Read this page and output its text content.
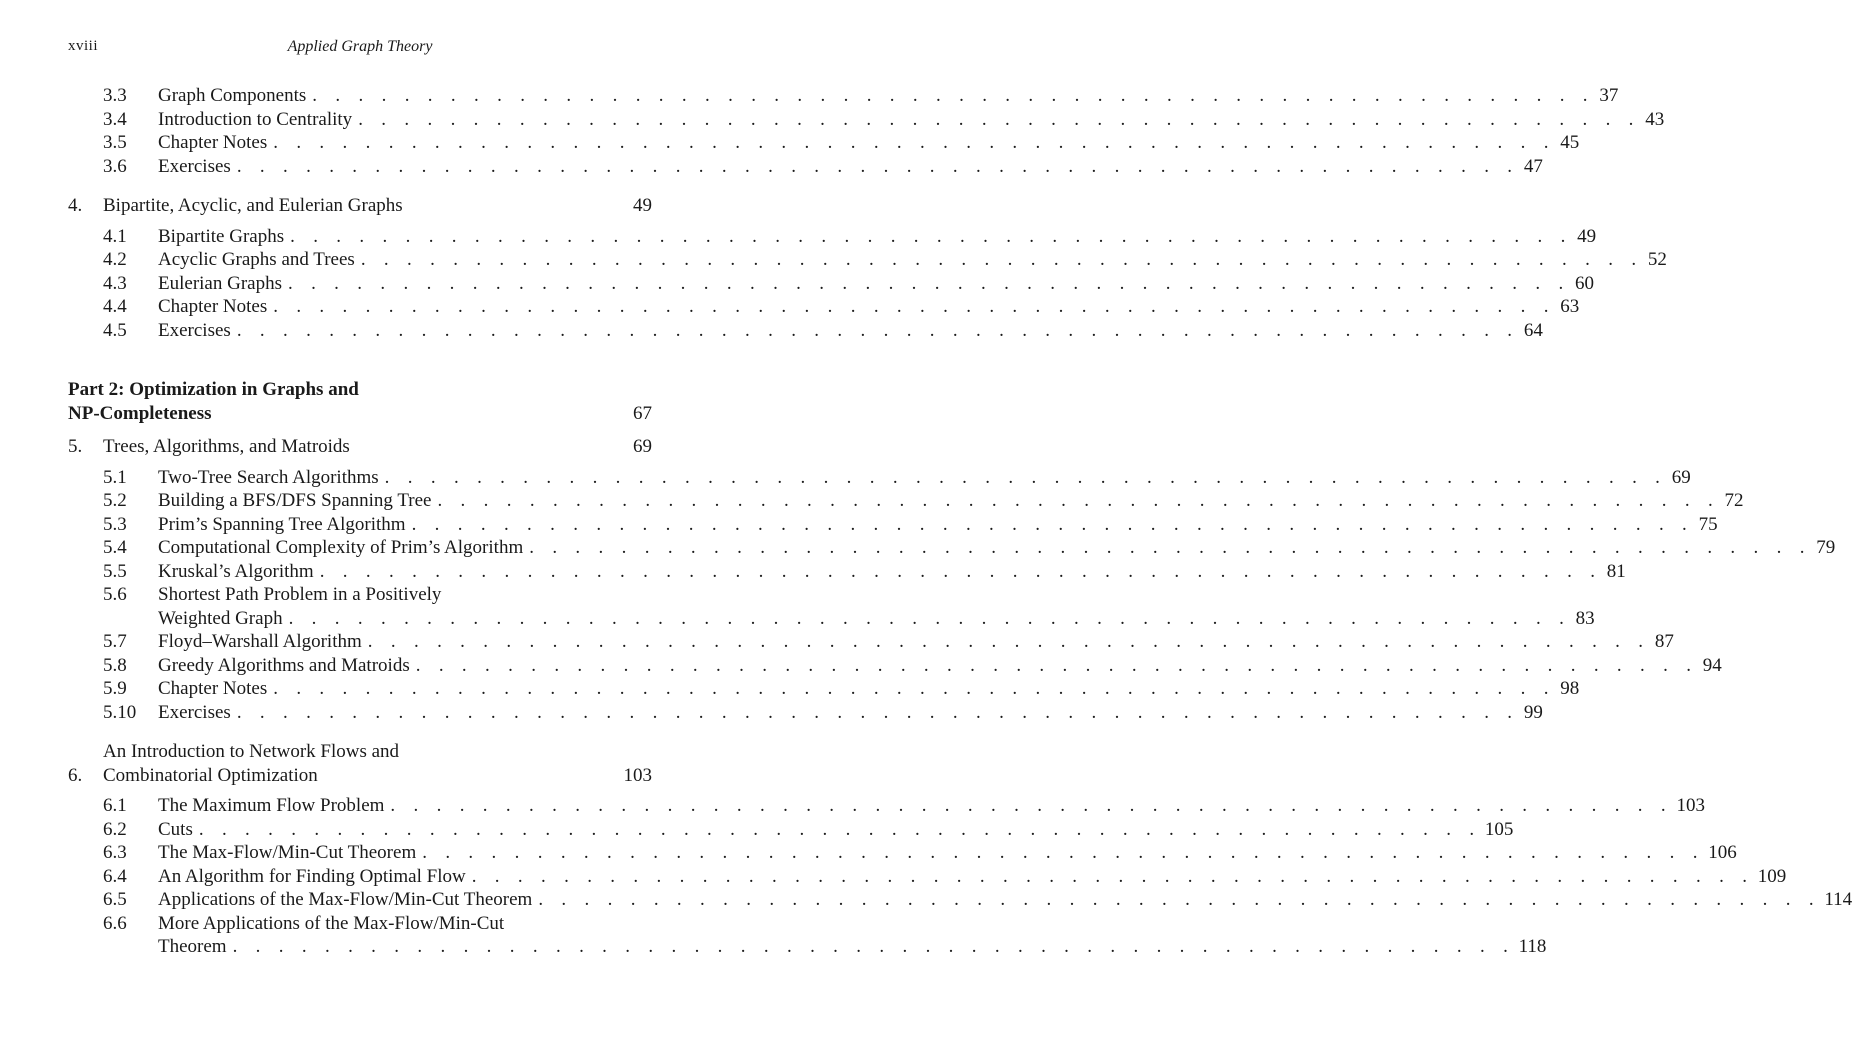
xviii	Applied Graph Theory
3.3	Graph Components . . . . . . . . . . . . . . . . . . . . . . . . . . . . . . . . . . . . . . . . . . . . . . . . . . . . . . . . 37
3.4	Introduction to Centrality . . . . . . . . . . . . . . . . . . . . . . . . . . . . . . . . . . . . . . . . . . . . . . . . . . . . . . . . 43
3.5	Chapter Notes . . . . . . . . . . . . . . . . . . . . . . . . . . . . . . . . . . . . . . . . . . . . . . . . . . . . . . . . 45
3.6	Exercises . . . . . . . . . . . . . . . . . . . . . . . . . . . . . . . . . . . . . . . . . . . . . . . . . . . . . . . . 47
4.	Bipartite, Acyclic, and Eulerian Graphs	49
4.1	Bipartite Graphs . . . . . . . . . . . . . . . . . . . . . . . . . . . . . . . . . . . . . . . . . . . . . . . . . . . . . . . . 49
4.2	Acyclic Graphs and Trees . . . . . . . . . . . . . . . . . . . . . . . . . . . . . . . . . . . . . . . . . . . . . . . . . . . . . . . . 52
4.3	Eulerian Graphs . . . . . . . . . . . . . . . . . . . . . . . . . . . . . . . . . . . . . . . . . . . . . . . . . . . . . . . . 60
4.4	Chapter Notes . . . . . . . . . . . . . . . . . . . . . . . . . . . . . . . . . . . . . . . . . . . . . . . . . . . . . . . . 63
4.5	Exercises . . . . . . . . . . . . . . . . . . . . . . . . . . . . . . . . . . . . . . . . . . . . . . . . . . . . . . . . 64
Part 2: Optimization in Graphs and
NP-Completeness	67
5.	Trees, Algorithms, and Matroids	69
5.1	Two-Tree Search Algorithms . . . . . . . . . . . . . . . . . . . . . . . . . . . . . . . . . . . . . . . . . . . . . . . . . . . . . . . . 69
5.2	Building a BFS/DFS Spanning Tree . . . . . . . . . . . . . . . . . . . . . . . . . . . . . . . . . . . . . . . . . . . . . . . . . . . . . . . . 72
5.3	Prim’s Spanning Tree Algorithm . . . . . . . . . . . . . . . . . . . . . . . . . . . . . . . . . . . . . . . . . . . . . . . . . . . . . . . . 75
5.4	Computational Complexity of Prim’s Algorithm . . . . . . . . . . . . . . . . . . . . . . . . . . . . . . . . . . . . . . . . . . . . . . . . . . . . . . . . 79
5.5	Kruskal’s Algorithm . . . . . . . . . . . . . . . . . . . . . . . . . . . . . . . . . . . . . . . . . . . . . . . . . . . . . . . . 81
5.6	Shortest Path Problem in a Positively
Weighted Graph . . . . . . . . . . . . . . . . . . . . . . . . . . . . . . . . . . . . . . . . . . . . . . . . . . . . . . . . 83
5.7	Floyd–Warshall Algorithm . . . . . . . . . . . . . . . . . . . . . . . . . . . . . . . . . . . . . . . . . . . . . . . . . . . . . . . . 87
5.8	Greedy Algorithms and Matroids . . . . . . . . . . . . . . . . . . . . . . . . . . . . . . . . . . . . . . . . . . . . . . . . . . . . . . . . 94
5.9	Chapter Notes . . . . . . . . . . . . . . . . . . . . . . . . . . . . . . . . . . . . . . . . . . . . . . . . . . . . . . . . 98
5.10	Exercises . . . . . . . . . . . . . . . . . . . . . . . . . . . . . . . . . . . . . . . . . . . . . . . . . . . . . . . . 99
6.
An Introduction to Network Flows and
Combinatorial Optimization	103
6.1	The Maximum Flow Problem . . . . . . . . . . . . . . . . . . . . . . . . . . . . . . . . . . . . . . . . . . . . . . . . . . . . . . . . 103
6.2	Cuts . . . . . . . . . . . . . . . . . . . . . . . . . . . . . . . . . . . . . . . . . . . . . . . . . . . . . . . . 105
6.3	The Max-Flow/Min-Cut Theorem . . . . . . . . . . . . . . . . . . . . . . . . . . . . . . . . . . . . . . . . . . . . . . . . . . . . . . . . 106
6.4	An Algorithm for Finding Optimal Flow . . . . . . . . . . . . . . . . . . . . . . . . . . . . . . . . . . . . . . . . . . . . . . . . . . . . . . . . 109
6.5	Applications of the Max-Flow/Min-Cut Theorem . . . . . . . . . . . . . . . . . . . . . . . . . . . . . . . . . . . . . . . . . . . . . . . . . . . . . . . . 114
6.6	More Applications of the Max-Flow/Min-Cut
Theorem . . . . . . . . . . . . . . . . . . . . . . . . . . . . . . . . . . . . . . . . . . . . . . . . . . . . . . . . 118
